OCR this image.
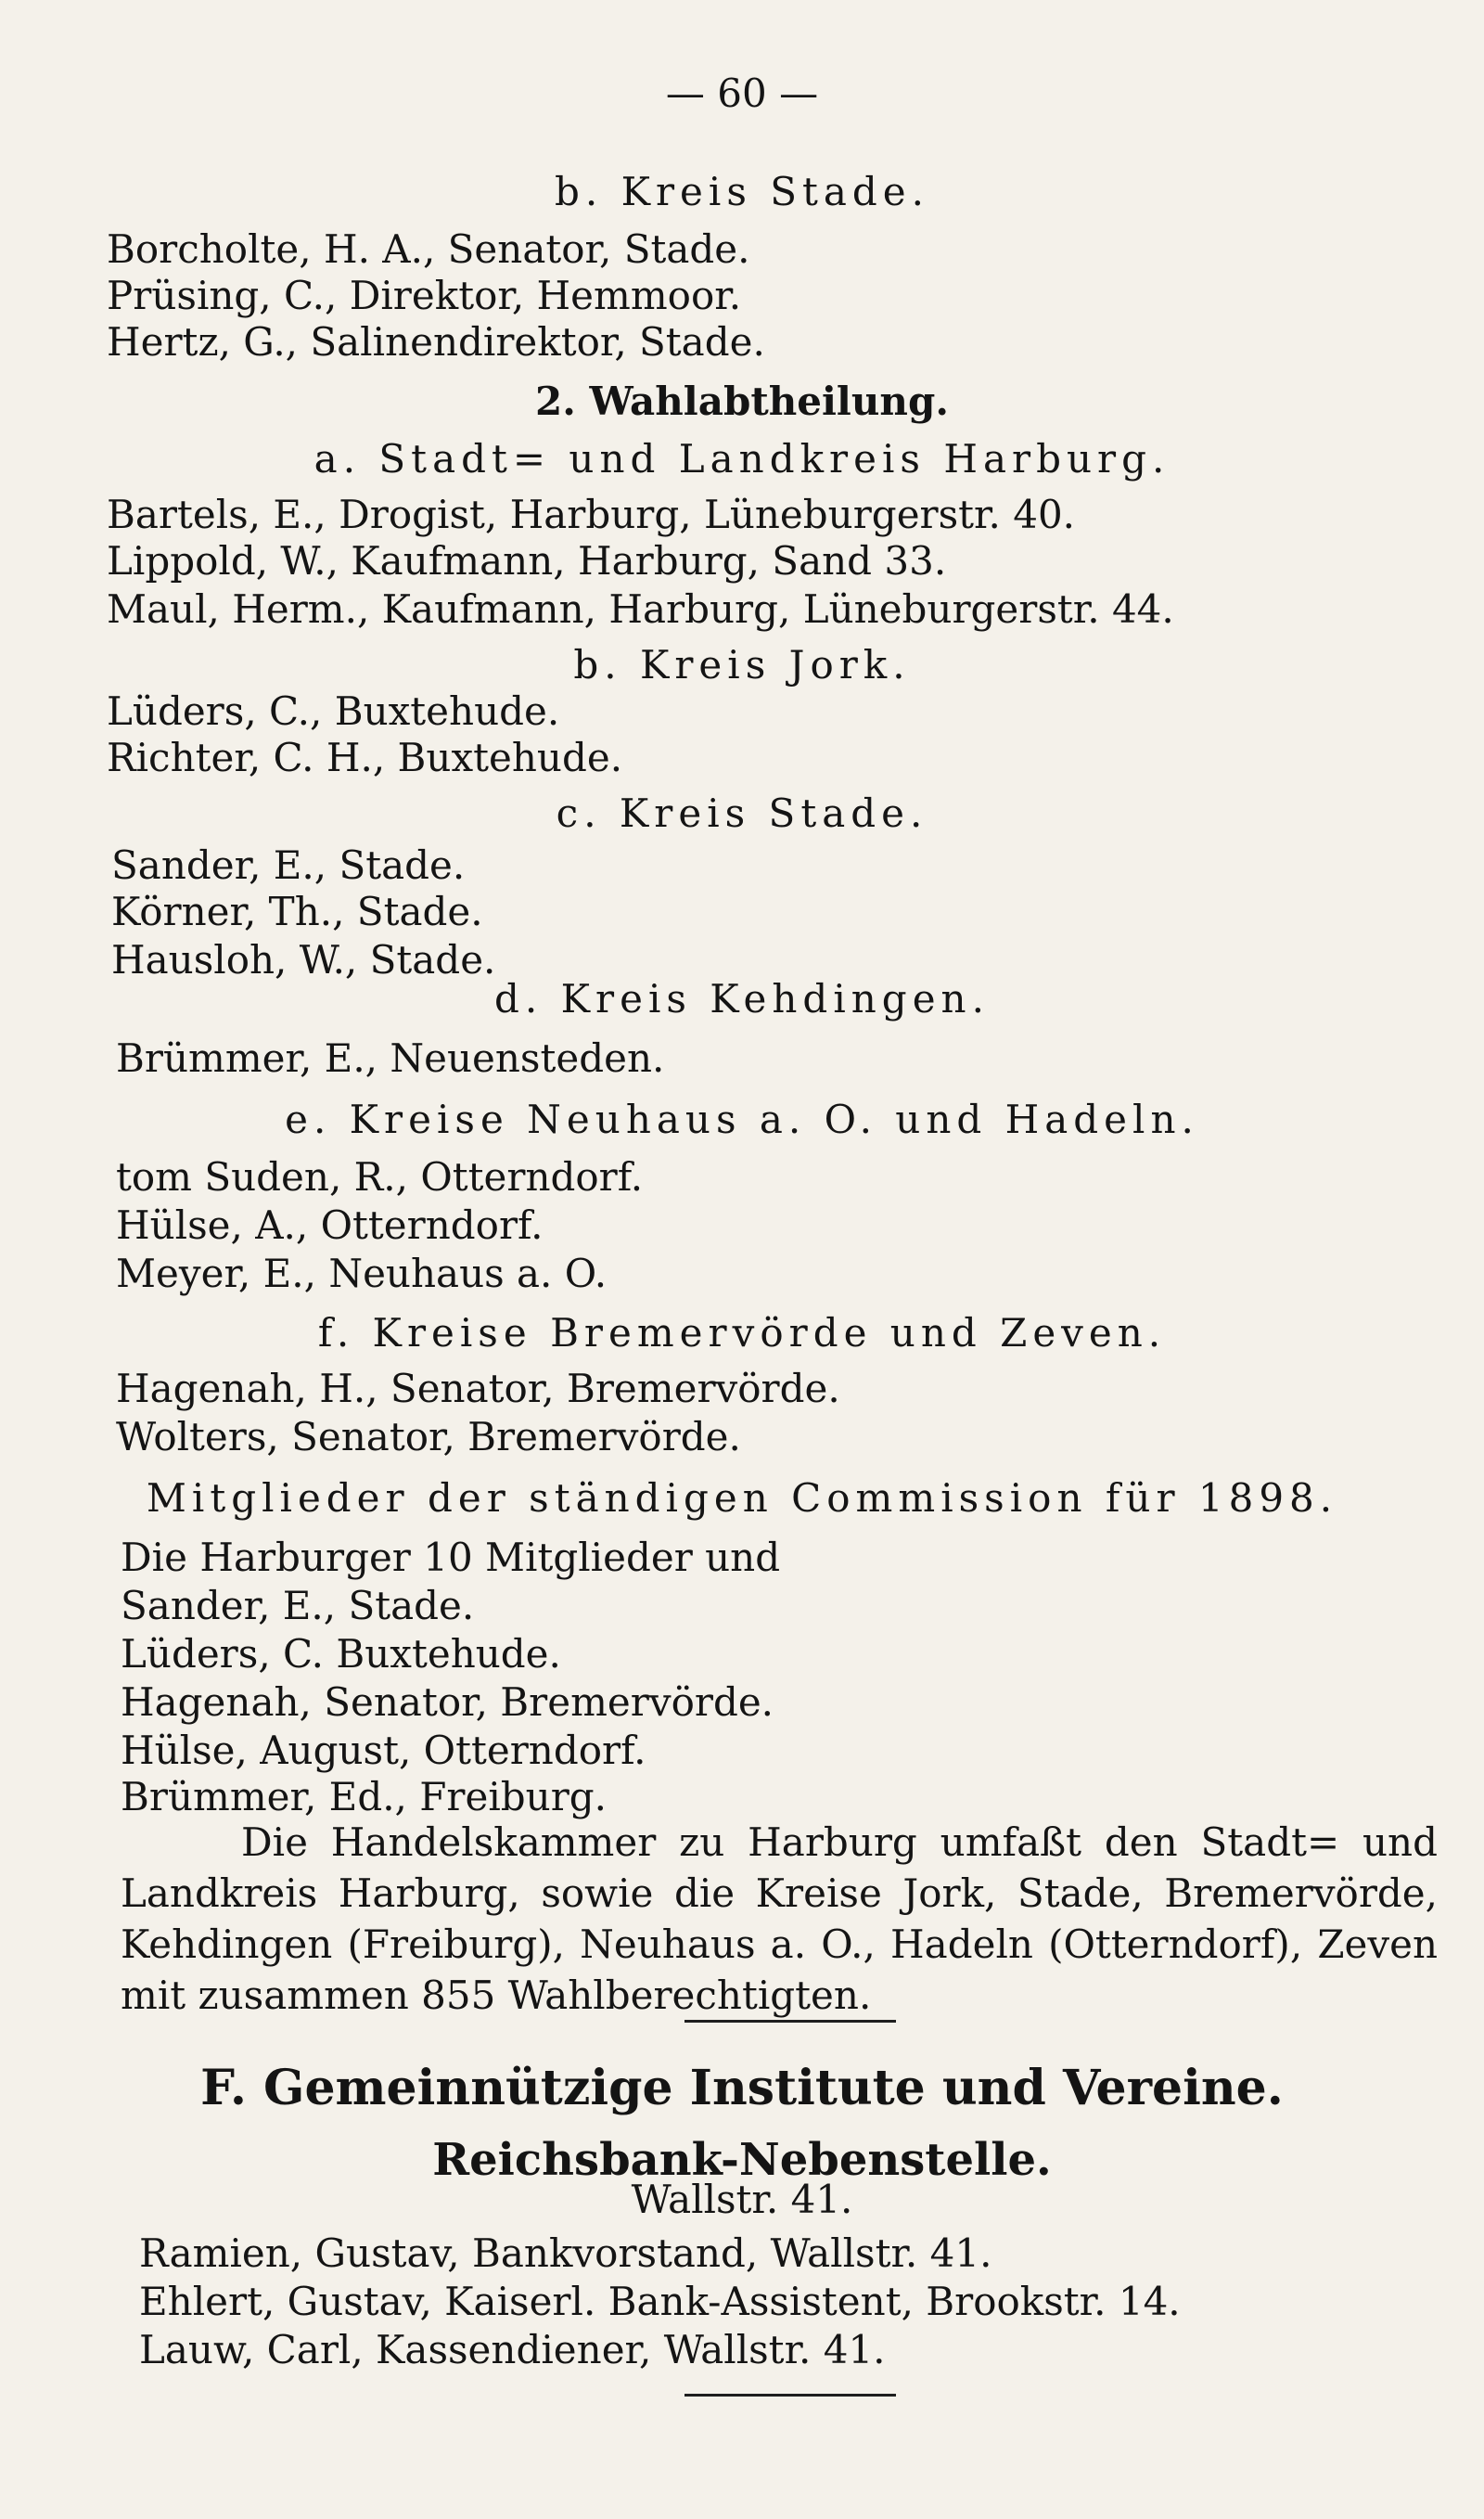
— 60 —
b. Kreis Stade.
Borcholte, H. A., Senator, Stade.
Prüsing, C., Direktor, Hemmoor.
Hertz, G., Salinendirektor, Stade.
2. Wahlabtheilung.
a. Stadt= und Landkreis Harburg.
Bartels, E., Drogist, Harburg, Lüneburgerstr. 40.
Lippold, W., Kaufmann, Harburg, Sand 33.
Maul, Herm., Kaufmann, Harburg, Lüneburgerstr. 44.
b. Kreis Jork.
Lüders, C., Buxtehude.
Richter, C. H., Buxtehude.
c. Kreis Stade.
Sander, E., Stade.
Körner, Th., Stade.
Hausloh, W., Stade.
d. Kreis Kehdingen.
Brümmer, E., Neuensteden.
e. Kreise Neuhaus a. O. und Hadeln.
tom Suden, R., Otterndorf.
Hülse, A., Otterndorf.
Meyer, E., Neuhaus a. O.
f. Kreise Bremervörde und Zeven.
Hagenah, H., Senator, Bremervörde.
Wolters, Senator, Bremervörde.
Mitglieder der ständigen Commission für 1898.
Die Harburger 10 Mitglieder und
Sander, E., Stade.
Lüders, C. Buxtehude.
Hagenah, Senator, Bremervörde.
Hülse, August, Otterndorf.
Brümmer, Ed., Freiburg.
Die Handelskammer zu Harburg umfaßt den Stadt= und Landkreis Harburg, sowie die Kreise Jork, Stade, Bremervörde, Kehdingen (Freiburg), Neuhaus a. O., Hadeln (Otterndorf), Zeven mit zusammen 855 Wahlberechtigten.
F. Gemeinnützige Institute und Vereine.
Reichsbank-Nebenstelle.
Wallstr. 41.
Ramien, Gustav, Bankvorstand, Wallstr. 41.
Ehlert, Gustav, Kaiserl. Bank-Assistent, Brookstr. 14.
Lauw, Carl, Kassendiener, Wallstr. 41.
